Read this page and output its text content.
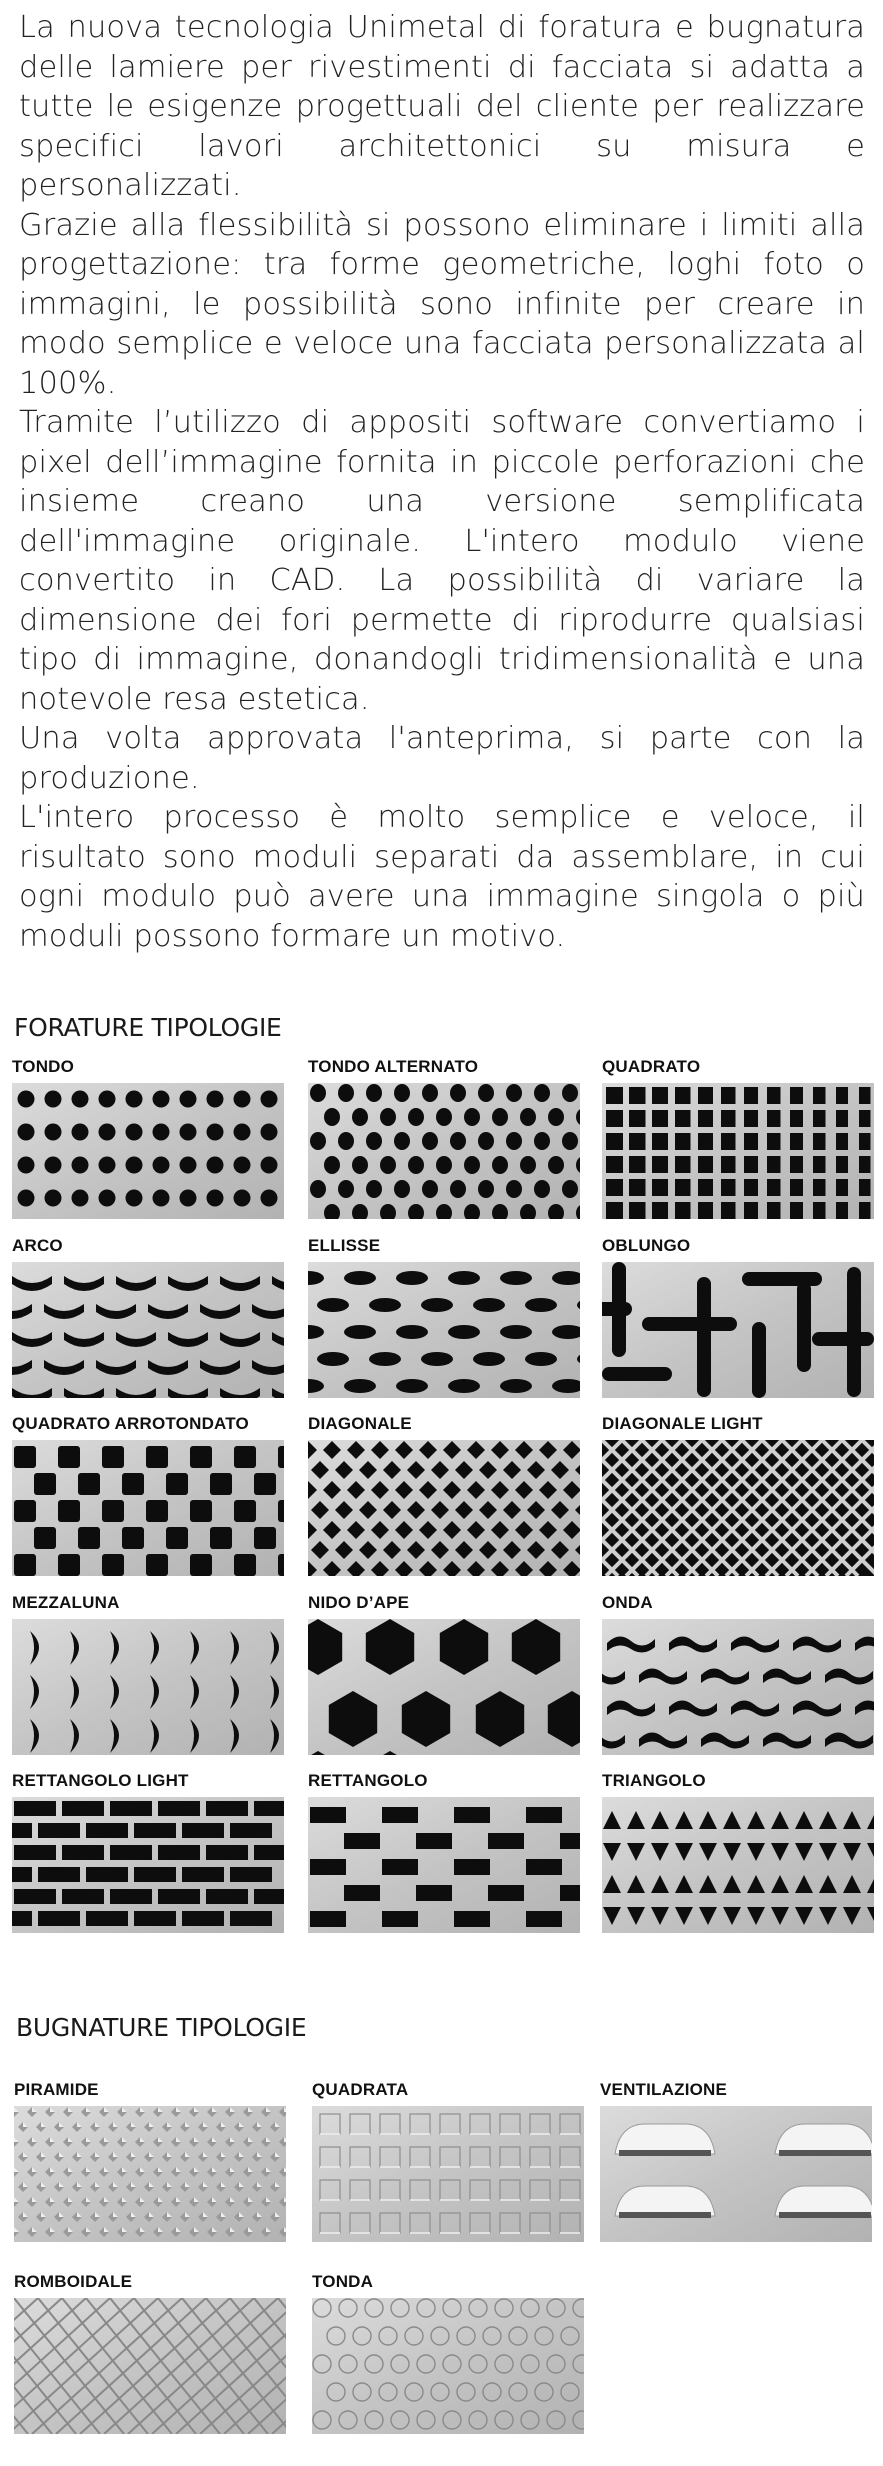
La nuova tecnologia Unimetal di foratura e bugnatura delle lamiere per rivestimenti di facciata si adatta a tutte le esigenze progettuali del cliente per realizzare specifici lavori architettonici su misura e personalizzati.

Grazie alla flessibilità si possono eliminare i limiti alla progettazione: tra forme geometriche, loghi foto o immagini, le possibilità sono infinite per creare in modo semplice e veloce una facciata personalizzata al 100%.

Tramite l’utilizzo di appositi software convertiamo i pixel dell’immagine fornita in piccole perforazioni che insieme creano una versione semplificata dell'immagine originale. L'intero modulo viene convertito in CAD. La possibilità di variare la dimensione dei fori permette di riprodurre qualsiasi tipo di immagine, donandogli tridimensionalità e una notevole resa estetica.

Una volta approvata l'anteprima, si parte con la produzione.

L'intero processo è molto semplice e veloce, il risultato sono moduli separati da assemblare, in cui ogni modulo può avere una immagine singola o più moduli possono formare un motivo.

FORATURE TIPOLOGIE
TONDO	TONDO ALTERNATO	QUADRATO
ARCO	ELLISSE	OBLUNGO
QUADRATO ARROTONDATO	DIAGONALE	DIAGONALE LIGHT
MEZZALUNA	NIDO D’APE	ONDA
RETTANGOLO LIGHT	RETTANGOLO	TRIANGOLO
BUGNATURE TIPOLOGIE
PIRAMIDE	QUADRATA	VENTILAZIONE
ROMBOIDALE	TONDA
